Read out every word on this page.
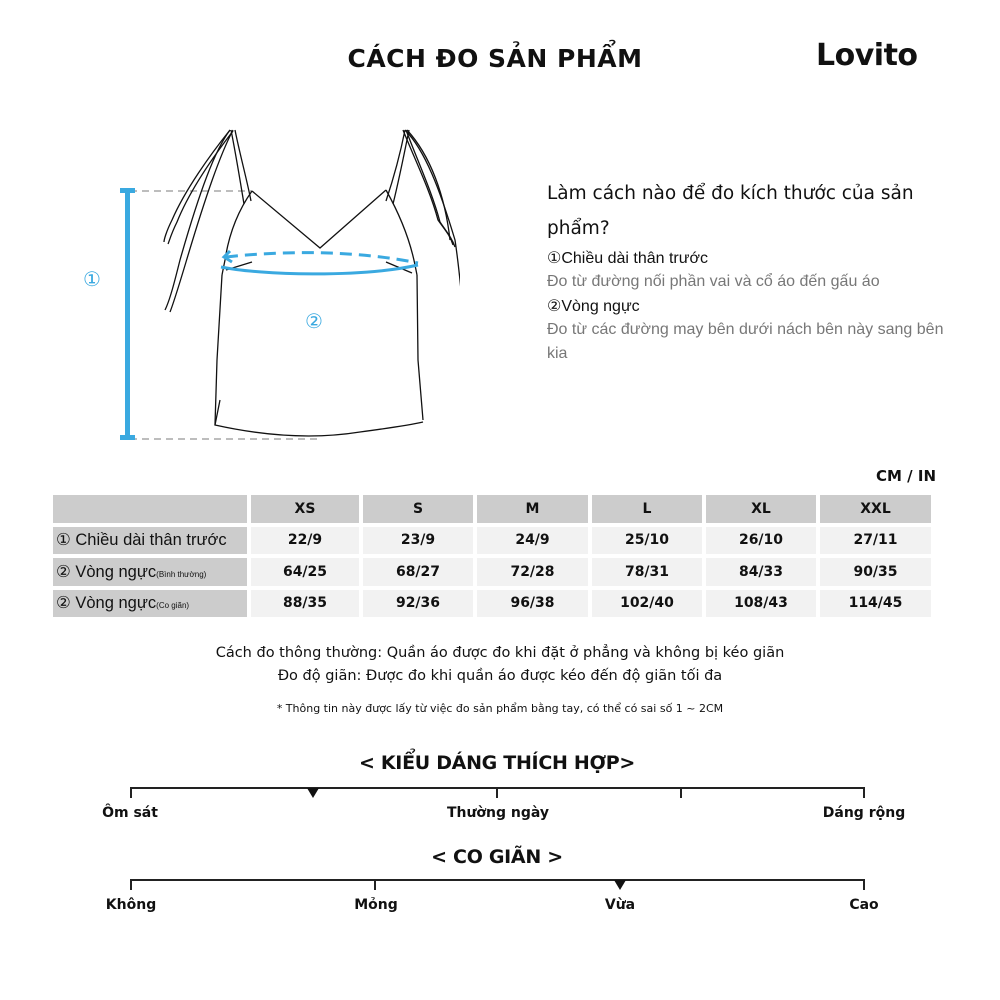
CÁCH ĐO SẢN PHẨM	Lovito
①
②
Làm cách nào để đo kích thước của sản phẩm?
①Chiều dài thân trước
Đo từ đường nối phần vai và cổ áo đến gấu áo
②Vòng ngực
Đo từ các đường may bên dưới nách bên này sang bên kia
CM / IN
	XS	S	M	L	XL	XXL
① Chiều dài thân trước	22/9	23/9	24/9	25/10	26/10	27/11
② Vòng ngực(Bình thường)	64/25	68/27	72/28	78/31	84/33	90/35
② Vòng ngực(Co giãn)	88/35	92/36	96/38	102/40	108/43	114/45
Cách đo thông thường: Quần áo được đo khi đặt ở phẳng và không bị kéo giãn
Đo độ giãn: Được đo khi quần áo được kéo đến độ giãn tối đa
* Thông tin này được lấy từ việc đo sản phẩm bằng tay, có thể có sai số 1 ~ 2CM
< KIỂU DÁNG THÍCH HỢP>
Ôm sát	Thường ngày	Dáng rộng
< CO GIÃN >
Không	Mỏng	Vừa	Cao
